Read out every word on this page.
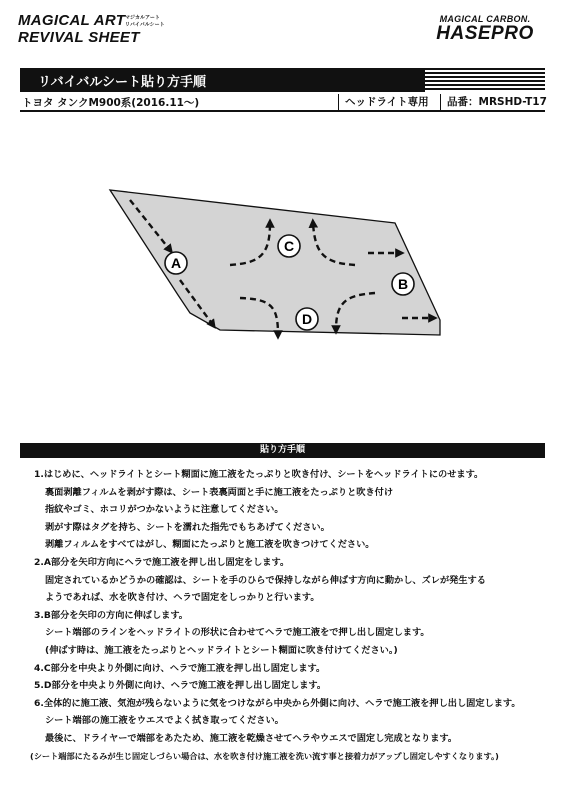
MAGICAL ART
REVIVAL SHEET
マジカルアート
リバイバルシート
MAGICAL CARBON.
HASEPRO
リバイバルシート貼り方手順
トヨタ タンクM900系(2016.11〜)	ヘッドライト専用	品番：MRSHD-T17
A
B
C
D
貼り方手順
1.はじめに、ヘッドライトとシート糊面に施工液をたっぷりと吹き付け、シートをヘッドライトにのせます。
裏面剥離フィルムを剥がす際は、シート表裏両面と手に施工液をたっぷりと吹き付け
指紋やゴミ、ホコリがつかないように注意してください。
剥がす際はタグを持ち、シートを濡れた指先でもちあげてください。
剥離フィルムをすべてはがし、糊面にたっぷりと施工液を吹きつけてください。
2.A部分を矢印方向にヘラで施工液を押し出し固定をします。
固定されているかどうかの確認は、シートを手のひらで保持しながら伸ばす方向に動かし、ズレが発生する
ようであれば、水を吹き付け、ヘラで固定をしっかりと行います。
3.B部分を矢印の方向に伸ばします。
シート端部のラインをヘッドライトの形状に合わせてヘラで施工液をで押し出し固定します。
(伸ばす時は、施工液をたっぷりとヘッドライトとシート糊面に吹き付けてください。)
4.C部分を中央より外側に向け、ヘラで施工液を押し出し固定します。
5.D部分を中央より外側に向け、ヘラで施工液を押し出し固定します。
6.全体的に施工液、気泡が残らないように気をつけながら中央から外側に向け、ヘラで施工液を押し出し固定します。
シート端部の施工液をウエスでよく拭き取ってください。
最後に、ドライヤーで端部をあたため、施工液を乾燥させてヘラやウエスで固定し完成となります。
(シート端部にたるみが生じ固定しづらい場合は、水を吹き付け施工液を洗い流す事と接着力がアップし固定しやすくなります。)
